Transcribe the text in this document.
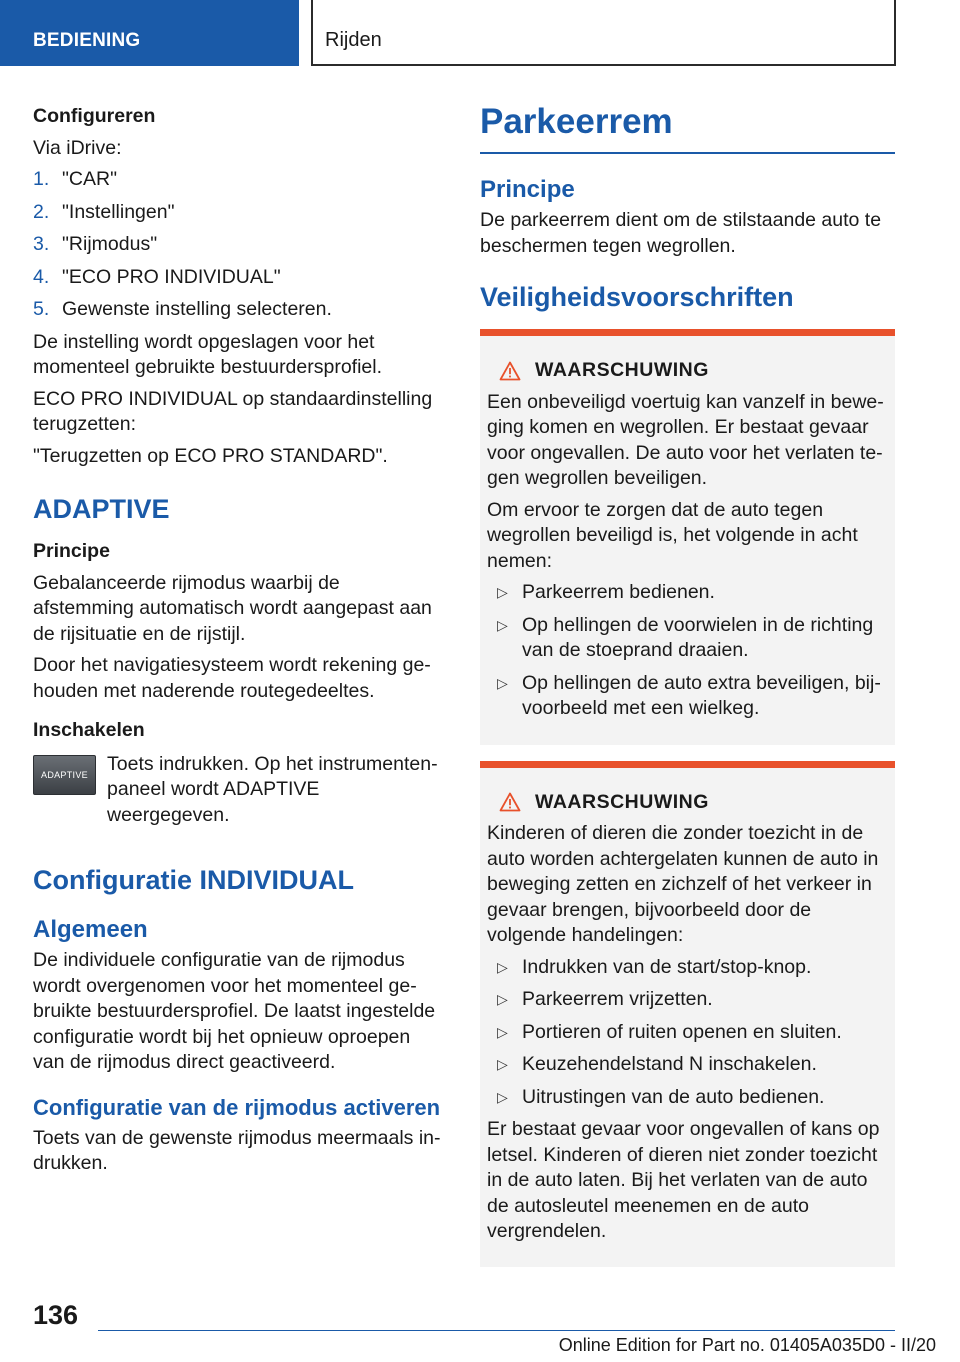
BEDIENING	Rijden

Configureren

Via iDrive:

1. "CAR"
2. "Instellingen"
3. "Rijmodus"
4. "ECO PRO INDIVIDUAL"
5. Gewenste instelling selecteren.

De instelling wordt opgeslagen voor het momenteel gebruikte bestuurdersprofiel.

ECO PRO INDIVIDUAL op standaardinstelling terugzetten:

"Terugzetten op ECO PRO STANDARD".

ADAPTIVE

Principe

Gebalanceerde rijmodus waarbij de afstemming automatisch wordt aangepast aan de rijsituatie en de rijstijl.

Door het navigatiesysteem wordt rekening gehouden met naderende routegedeeltes.

Inschakelen

ADAPTIVE Toets indrukken. Op het instrumentenpaneel wordt ADAPTIVE weergegeven.

Configuratie INDIVIDUAL
Algemeen

De individuele configuratie van de rijmodus wordt overgenomen voor het momenteel gebruikte bestuurdersprofiel. De laatst ingestelde configuratie wordt bij het opnieuw oproepen van de rijmodus direct geactiveerd.

Configuratie van de rijmodus activeren

Toets van de gewenste rijmodus meermaals indrukken.

Parkeerrem
Principe

De parkeerrem dient om de stilstaande auto te beschermen tegen wegrollen.

Veiligheidsvoorschriften
WAARSCHUWING

Een onbeveiligd voertuig kan vanzelf in beweging komen en wegrollen. Er bestaat gevaar voor ongevallen. De auto voor het verlaten tegen wegrollen beveiligen.

Om ervoor te zorgen dat de auto tegen wegrollen beveiligd is, het volgende in acht nemen:

▷ Parkeerrem bedienen.
▷ Op hellingen de voorwielen in de richting van de stoeprand draaien.
▷ Op hellingen de auto extra beveiligen, bijvoorbeeld met een wielkeg.
WAARSCHUWING

Kinderen of dieren die zonder toezicht in de auto worden achtergelaten kunnen de auto in beweging zetten en zichzelf of het verkeer in gevaar brengen, bijvoorbeeld door de volgende handelingen:

▷ Indrukken van de start/stop-knop.
▷ Parkeerrem vrijzetten.
▷ Portieren of ruiten openen en sluiten.
▷ Keuzehendelstand N inschakelen.
▷ Uitrustingen van de auto bedienen.

Er bestaat gevaar voor ongevallen of kans op letsel. Kinderen of dieren niet zonder toezicht in de auto laten. Bij het verlaten van de auto de autosleutel meenemen en de auto vergrendelen.

136
Online Edition for Part no. 01405A035D0 - II/20
